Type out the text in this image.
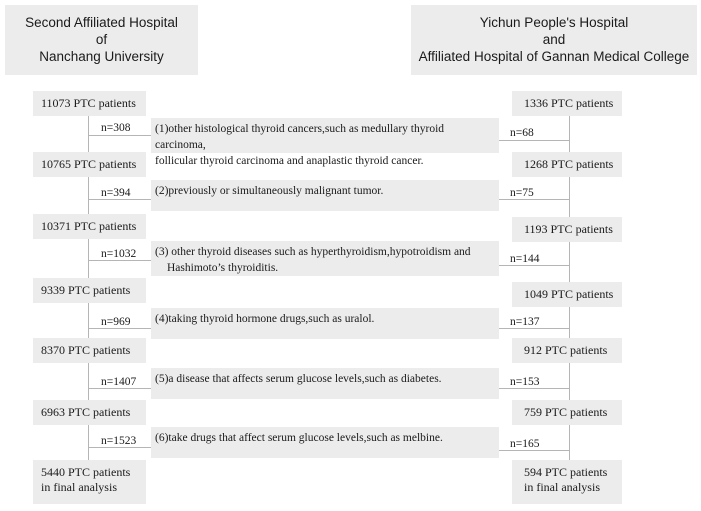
Second Affiliated Hospital
of
Nanchang University
Yichun People's Hospital
and
Affiliated Hospital of Gannan Medical College
11073 PTC patients
10765 PTC patients
10371 PTC patients
9339 PTC patients
8370 PTC patients
6963 PTC patients
5440 PTC patients
in final analysis
1336 PTC patients
1268 PTC patients
1193 PTC patients
1049 PTC patients
912 PTC patients
759 PTC patients
594 PTC patients
in final analysis
(1)other histological thyroid cancers,such as medullary thyroid carcinoma,
follicular thyroid carcinoma and anaplastic thyroid cancer.
(2)previously or simultaneously malignant tumor.
(3) other thyroid diseases such as hyperthyroidism,hypotroidism and
Hashimoto’s thyroiditis.
(4)taking thyroid hormone drugs,such as uralol.
(5)a disease that affects serum glucose levels,such as diabetes.
(6)take drugs that affect serum glucose levels,such as melbine.
n=308
n=394
n=1032
n=969
n=1407
n=1523
n=68
n=75
n=144
n=137
n=153
n=165
